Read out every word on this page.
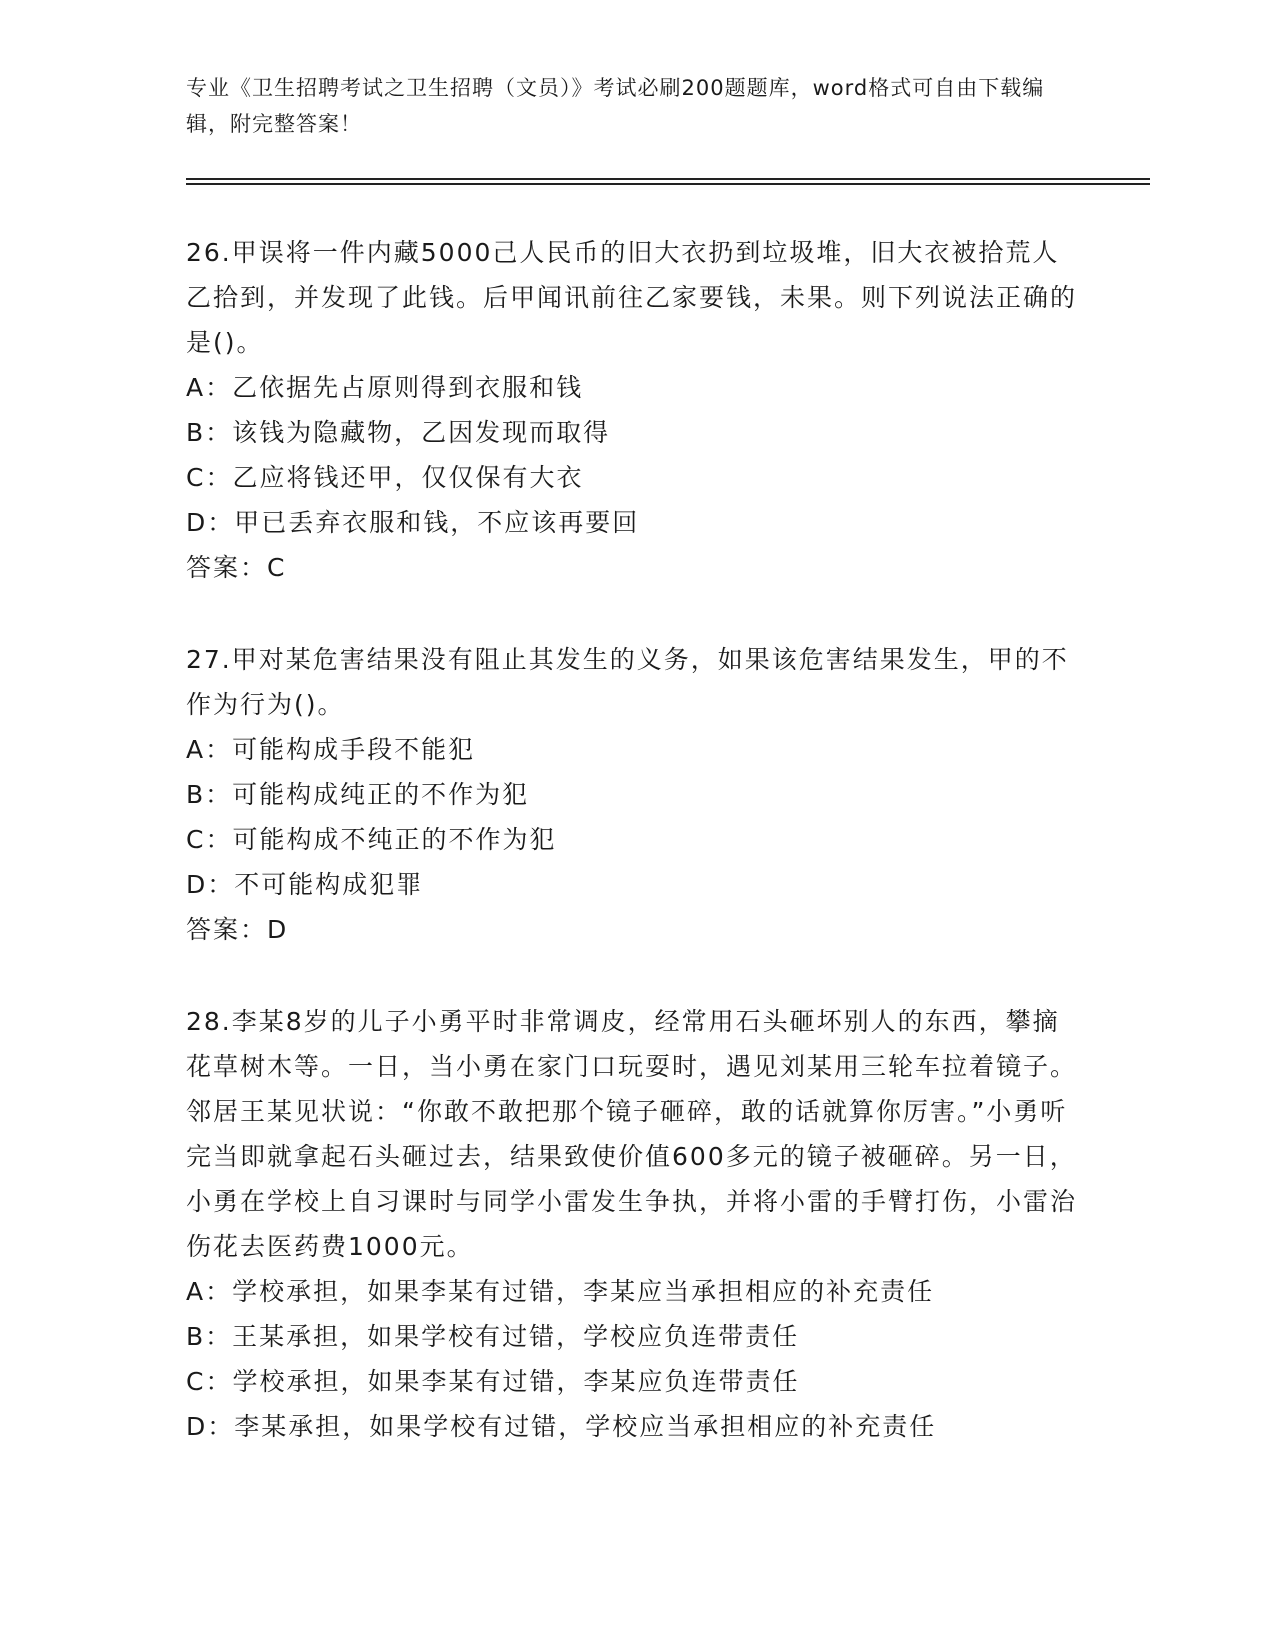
专业《卫生招聘考试之卫生招聘（文员）》考试必刷200题题库，word格式可自由下载编辑，附完整答案！

26.甲误将一件内藏5000己人民币的旧大衣扔到垃圾堆，旧大衣被拾荒人乙拾到，并发现了此钱。后甲闻讯前往乙家要钱，未果。则下列说法正确的是()。

A：乙依据先占原则得到衣服和钱
B：该钱为隐藏物，乙因发现而取得
C：乙应将钱还甲，仅仅保有大衣
D：甲已丢弃衣服和钱，不应该再要回

答案：C

27.甲对某危害结果没有阻止其发生的义务，如果该危害结果发生，甲的不作为行为()。

A：可能构成手段不能犯
B：可能构成纯正的不作为犯
C：可能构成不纯正的不作为犯
D：不可能构成犯罪

答案：D

28.李某8岁的儿子小勇平时非常调皮，经常用石头砸坏别人的东西，攀摘花草树木等。一日，当小勇在家门口玩耍时，遇见刘某用三轮车拉着镜子。邻居王某见状说：“你敢不敢把那个镜子砸碎，敢的话就算你厉害。”小勇听完当即就拿起石头砸过去，结果致使价值600多元的镜子被砸碎。另一日，小勇在学校上自习课时与同学小雷发生争执，并将小雷的手臂打伤，小雷治伤花去医药费1000元。

A：学校承担，如果李某有过错，李某应当承担相应的补充责任
B：王某承担，如果学校有过错，学校应负连带责任
C：学校承担，如果李某有过错，李某应负连带责任
D：李某承担，如果学校有过错，学校应当承担相应的补充责任
